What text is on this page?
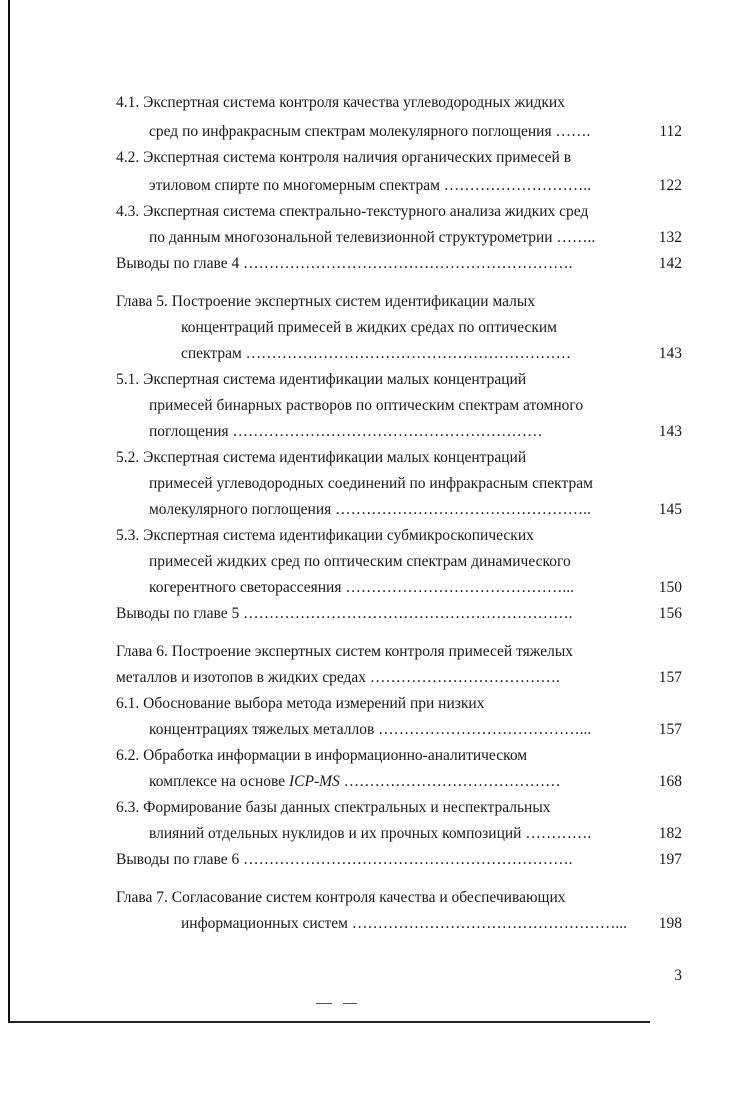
4.1. Экспертная система контроля качества углеводородных жидких
сред по инфракрасным спектрам молекулярного поглощения …….	112
4.2. Экспертная система контроля наличия органических примесей в
этиловом спирте по многомерным спектрам ………………………..	122
4.3. Экспертная система спектрально-текстурного анализа жидких сред
по данным многозональной телевизионной структурометрии ……..	132
Выводы по главе 4 ……………………………………………………….	142
Глава 5. Построение экспертных систем идентификации малых
концентраций примесей в жидких средах по оптическим
спектрам ………………………………………………………	143
5.1. Экспертная система идентификации малых концентраций
примесей бинарных растворов по оптическим спектрам атомного
поглощения ……………………………………………………	143
5.2. Экспертная система идентификации малых концентраций
примесей углеводородных соединений по инфракрасным спектрам
молекулярного поглощения …………………………………………..	145
5.3. Экспертная система идентификации субмикроскопических
примесей жидких сред по оптическим спектрам динамического
когерентного светорассеяния ……………………………………...	150
Выводы по главе 5 ……………………………………………………….	156
Глава 6. Построение экспертных систем контроля примесей тяжелых
металлов и изотопов в жидких средах ……………………………….	157
6.1. Обоснование выбора метода измерений при низких
концентрациях тяжелых металлов …………………………………...	157
6.2. Обработка информации в информационно-аналитическом
комплексе на основе ICP-MS ……………………………………	168
6.3. Формирование базы данных спектральных и неспектральных
влияний отдельных нуклидов и их прочных композиций ………….	182
Выводы по главе 6 ……………………………………………………….	197
Глава 7. Согласование систем контроля качества и обеспечивающих
информационных систем ……………………………………………...	198
3
